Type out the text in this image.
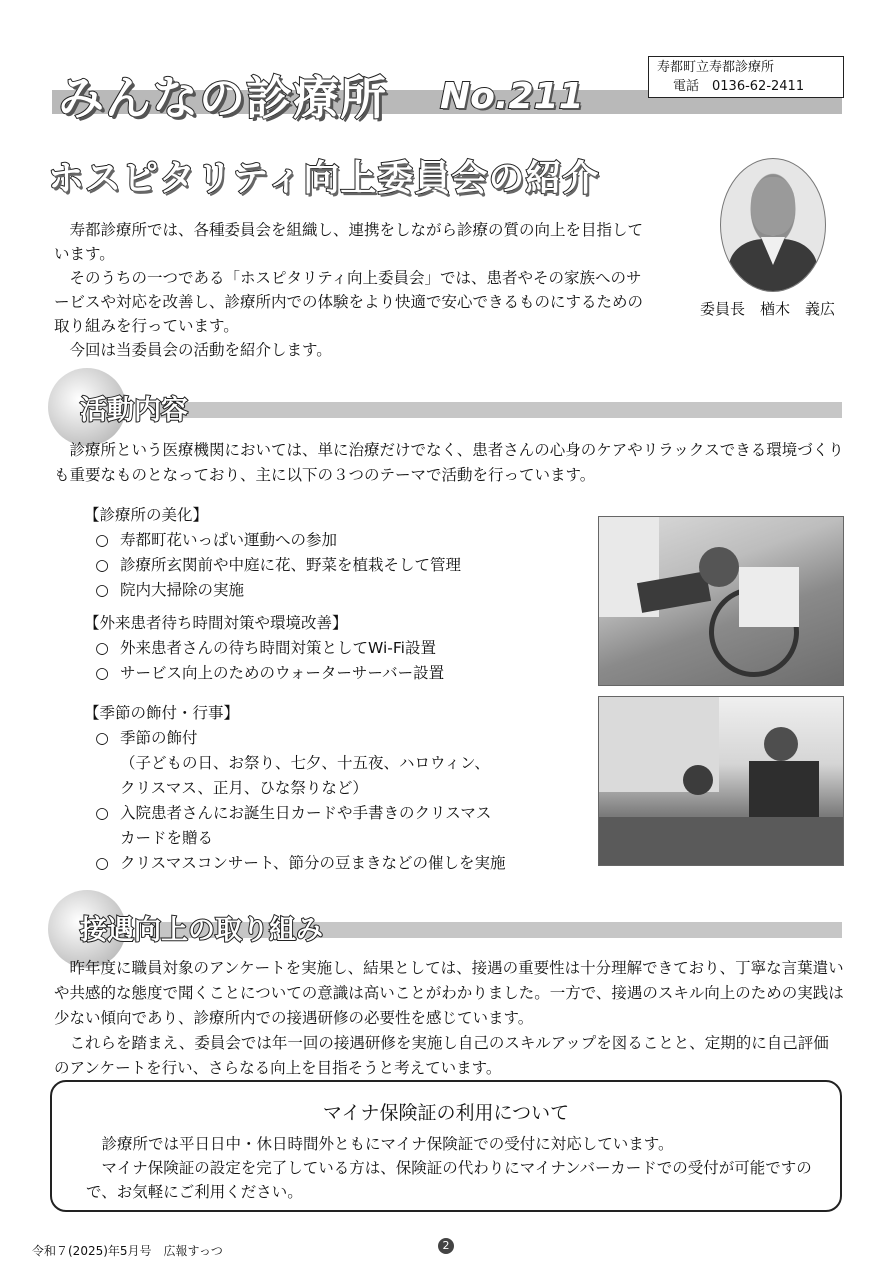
みんなの診療所 No.211
寿都町立寿都診療所
電話　0136-62-2411
ホスピタリティ向上委員会の紹介
委員長　楢木　義広

寿都診療所では、各種委員会を組織し、連携をしながら診療の質の向上を目指しています。

そのうちの一つである「ホスピタリティ向上委員会」では、患者やその家族へのサービスや対応を改善し、診療所内での体験をより快適で安心できるものにするための取り組みを行っています。

今回は当委員会の活動を紹介します。

活動内容

診療所という医療機関においては、単に治療だけでなく、患者さんの心身のケアやリラックスできる環境づくりも重要なものとなっており、主に以下の３つのテーマで活動を行っています。

【診療所の美化】
○ 寿都町花いっぱい運動への参加
○ 診療所玄関前や中庭に花、野菜を植栽そして管理
○ 院内大掃除の実施
【外来患者待ち時間対策や環境改善】
○ 外来患者さんの待ち時間対策としてWi-Fi設置
○ サービス向上のためのウォーターサーバー設置
【季節の飾付・行事】
○ 季節の飾付
（子どもの日、お祭り、七夕、十五夜、ハロウィン、
クリスマス、正月、ひな祭りなど）
○ 入院患者さんにお誕生日カードや手書きのクリスマス
カードを贈る
○ クリスマスコンサート、節分の豆まきなどの催しを実施
接遇向上の取り組み

昨年度に職員対象のアンケートを実施し、結果としては、接遇の重要性は十分理解できており、丁寧な言葉遣いや共感的な態度で聞くことについての意識は高いことがわかりました。一方で、接遇のスキル向上のための実践は少ない傾向であり、診療所内での接遇研修の必要性を感じています。

これらを踏まえ、委員会では年一回の接遇研修を実施し自己のスキルアップを図ることと、定期的に自己評価のアンケートを行い、さらなる向上を目指そうと考えています。

マイナ保険証の利用について

診療所では平日日中・休日時間外ともにマイナ保険証での受付に対応しています。

マイナ保険証の設定を完了している方は、保険証の代わりにマイナンバーカードでの受付が可能ですので、お気軽にご利用ください。

令和７(2025)年5月号　広報すっつ	2
